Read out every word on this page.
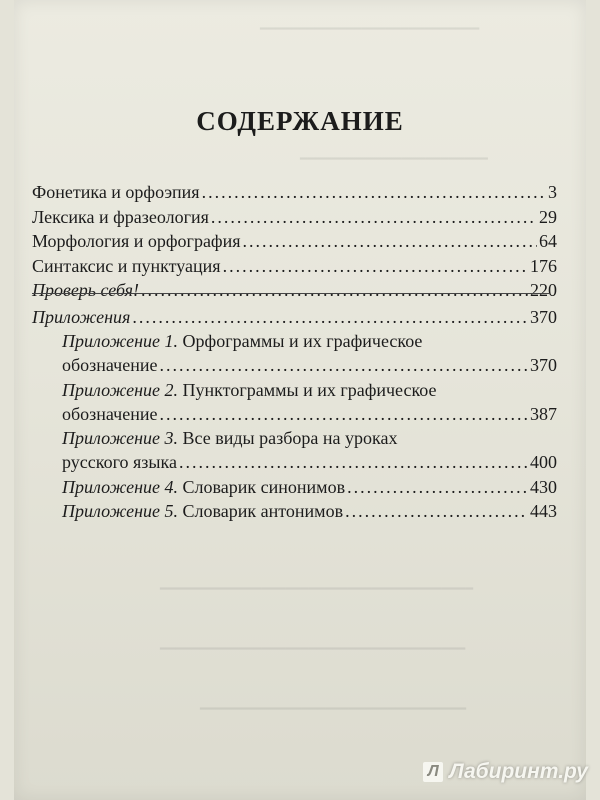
━━━━━━━━━━━━━━━━━━━━━━━━━━━━
━━━━━━━━━━━━━━━━━━━━━━━━
━━━━━━━━━━━━━━━━━━━━━━━━━━━━━━━━━━━━━━━━
━━━━━━━━━━━━━━━━━━━━━━━━━━━━━━━━━━━━━━━
━━━━━━━━━━━━━━━━━━━━━━━━━━━━━━━━━━
СОДЕРЖАНИЕ
Фонетика и орфоэпия .....	3
Лексика и фразеология .....	29
Морфология и орфография .....	64
Синтаксис и пунктуация .....	176
Проверь себя! .....	220
Приложения .....	370
Приложение 1. Орфограммы и их графическое
обозначение .....	370
Приложение 2. Пунктограммы и их графическое
обозначение .....	387
Приложение 3. Все виды разбора на уроках
русского языка .....	400
Приложение 4. Словарик синонимов .....	430
Приложение 5. Словарик антонимов .....	443
Л Лабиринт.ру
